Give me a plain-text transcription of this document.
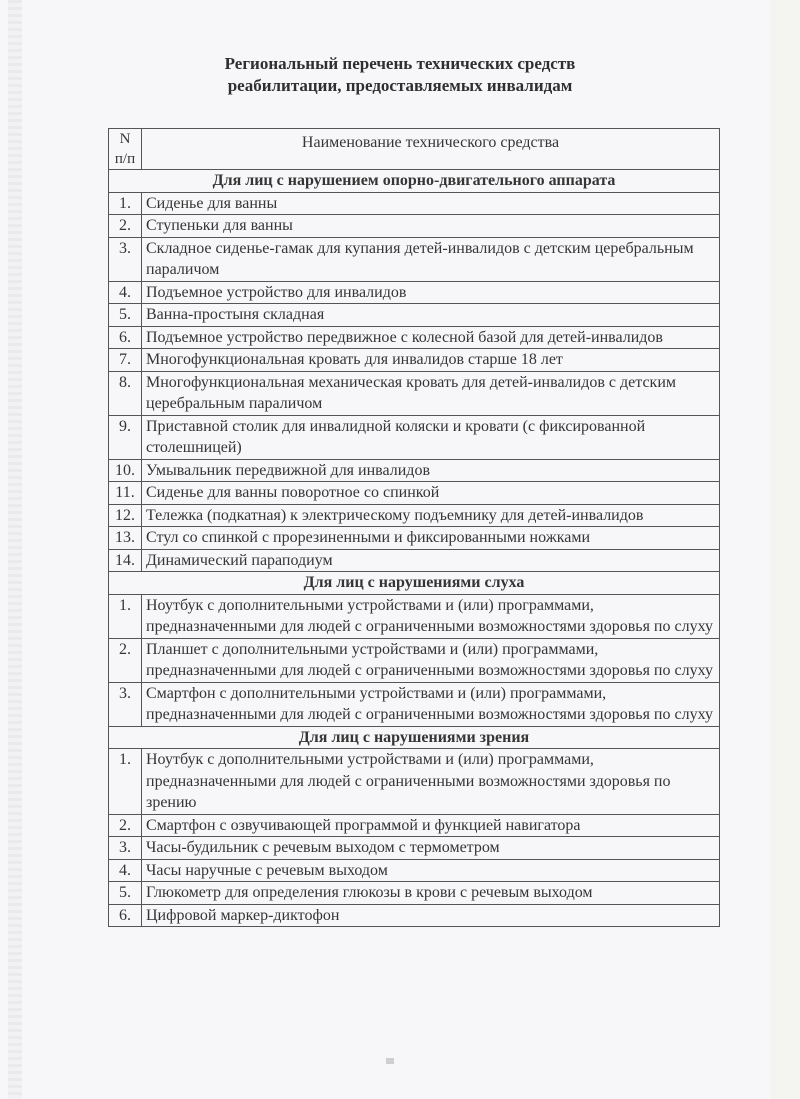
Региональный перечень технических средств
реабилитации, предоставляемых инвалидам
N
п/п	Наименование технического средства
Для лиц с нарушением опорно-двигательного аппарата	
1.	Сиденье для ванны
2.	Ступеньки для ванны
3.	Складное сиденье-гамак для купания детей-инвалидов с детским церебральным параличом
4.	Подъемное устройство для инвалидов
5.	Ванна-простыня складная
6.	Подъемное устройство передвижное с колесной базой для детей-инвалидов
7.	Многофункциональная кровать для инвалидов старше 18 лет
8.	Многофункциональная механическая кровать для детей-инвалидов с детским церебральным параличом
9.	Приставной столик для инвалидной коляски и кровати (с фиксированной столешницей)
10.	Умывальник передвижной для инвалидов
11.	Сиденье для ванны поворотное со спинкой
12.	Тележка (подкатная) к электрическому подъемнику для детей-инвалидов
13.	Стул со спинкой с прорезиненными и фиксированными ножками
14.	Динамический параподиум
Для лиц с нарушениями слуха	
1.	Ноутбук с дополнительными устройствами и (или) программами, предназначенными для людей с ограниченными возможностями здоровья по слуху
2.	Планшет с дополнительными устройствами и (или) программами, предназначенными для людей с ограниченными возможностями здоровья по слуху
3.	Смартфон с дополнительными устройствами и (или) программами, предназначенными для людей с ограниченными возможностями здоровья по слуху
Для лиц с нарушениями зрения	
1.	Ноутбук с дополнительными устройствами и (или) программами, предназначенными для людей с ограниченными возможностями здоровья по зрению
2.	Смартфон с озвучивающей программой и функцией навигатора
3.	Часы-будильник с речевым выходом с термометром
4.	Часы наручные с речевым выходом
5.	Глюкометр для определения глюкозы в крови с речевым выходом
6.	Цифровой маркер-диктофон
